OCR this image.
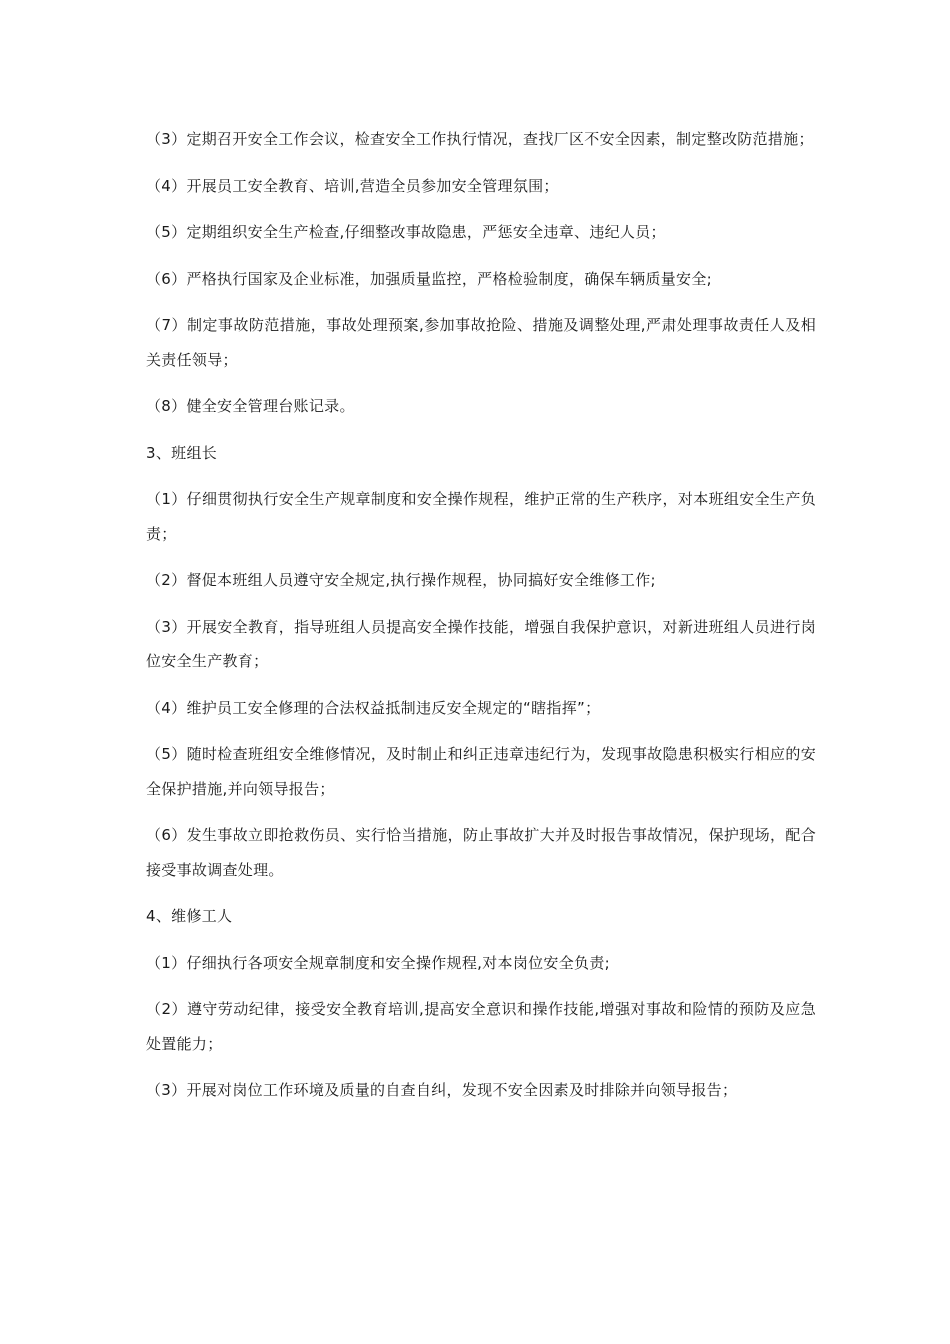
（3）定期召开安全工作会议，检查安全工作执行情况，查找厂区不安全因素，制定整改防范措施；

（4）开展员工安全教育、培训,营造全员参加安全管理氛围；

（5）定期组织安全生产检查,仔细整改事故隐患，严惩安全违章、违纪人员；

（6）严格执行国家及企业标准，加强质量监控，严格检验制度，确保车辆质量安全;

（7）制定事故防范措施，事故处理预案,参加事故抢险、措施及调整处理,严肃处理事故责任人及相关责任领导；

（8）健全安全管理台账记录。

3、班组长

（1）仔细贯彻执行安全生产规章制度和安全操作规程，维护正常的生产秩序，对本班组安全生产负责；

（2）督促本班组人员遵守安全规定,执行操作规程，协同搞好安全维修工作;

（3）开展安全教育，指导班组人员提高安全操作技能，增强自我保护意识，对新进班组人员进行岗位安全生产教育；

（4）维护员工安全修理的合法权益抵制违反安全规定的“瞎指挥”；

（5）随时检查班组安全维修情况，及时制止和纠正违章违纪行为，发现事故隐患积极实行相应的安全保护措施,并向领导报告；

（6）发生事故立即抢救伤员、实行恰当措施，防止事故扩大并及时报告事故情况，保护现场，配合接受事故调查处理。

4、维修工人

（1）仔细执行各项安全规章制度和安全操作规程,对本岗位安全负责;

（2）遵守劳动纪律，接受安全教育培训,提高安全意识和操作技能,增强对事故和险情的预防及应急处置能力；

（3）开展对岗位工作环境及质量的自查自纠，发现不安全因素及时排除并向领导报告；
